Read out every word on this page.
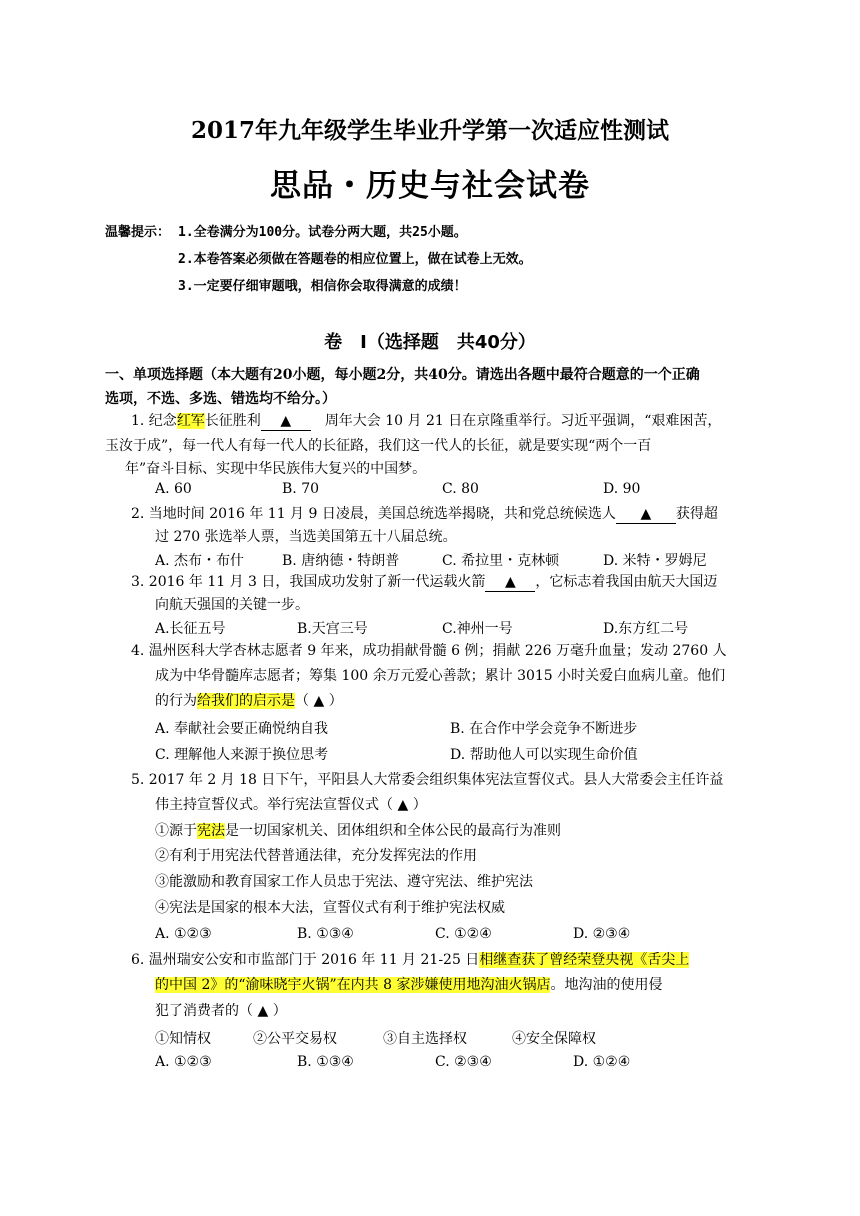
2017年九年级学生毕业升学第一次适应性测试
思品・历史与社会试卷
温馨提示： 1.全卷满分为100分。试卷分两大题，共25小题。
2.本卷答案必须做在答题卷的相应位置上，做在试卷上无效。
3.一定要仔细审题哦，相信你会取得满意的成绩！
卷　Ⅰ（选择题　共40分）
一、单项选择题（本大题有20小题，每小题2分，共40分。请选出各题中最符合题意的一个正确
选项，不选、多选、错选均不给分。）
1. 纪念红军长征胜利 ▲　 周年大会 10 月 21 日在京隆重举行。习近平强调，“艰难困苦，
玉汝于成”，每一代人有每一代人的长征路，我们这一代人的长征，就是要实现“两个一百
年”奋斗目标、实现中华民族伟大复兴的中国梦。
A. 60	B. 70	C. 80	D. 90
2. 当地时间 2016 年 11 月 9 日凌晨，美国总统选举揭晓，共和党总统候选人 ▲ 获得超
过 270 张选举人票，当选美国第五十八届总统。
A. 杰布・布什	B. 唐纳德・特朗普	C. 希拉里・克林顿	D. 米特・罗姆尼
3. 2016 年 11 月 3 日，我国成功发射了新一代运载火箭 ▲ ，它标志着我国由航天大国迈
向航天强国的关键一步。
A.长征五号	B.天宫三号	C.神州一号	D.东方红二号
4. 温州医科大学杏林志愿者 9 年来，成功捐献骨髓 6 例；捐献 226 万毫升血量；发动 2760 人
成为中华骨髓库志愿者；筹集 100 余万元爱心善款；累计 3015 小时关爱白血病儿童。他们
的行为给我们的启示是（ ▲ ）
A. 奉献社会要正确悦纳自我	B. 在合作中学会竞争不断进步
C. 理解他人来源于换位思考	D. 帮助他人可以实现生命价值
5. 2017 年 2 月 18 日下午，平阳县人大常委会组织集体宪法宣誓仪式。县人大常委会主任许益
伟主持宣誓仪式。举行宪法宣誓仪式（ ▲ ）
①源于宪法是一切国家机关、团体组织和全体公民的最高行为准则
②有利于用宪法代替普通法律，充分发挥宪法的作用
③能激励和教育国家工作人员忠于宪法、遵守宪法、维护宪法
④宪法是国家的根本大法，宣誓仪式有利于维护宪法权威
A. ①②③	B. ①③④	C. ①②④	D. ②③④
6. 温州瑞安公安和市监部门于 2016 年 11 月 21-25 日相继查获了曾经荣登央视《舌尖上
的中国 2》的“渝味晓宇火锅”在内共 8 家涉嫌使用地沟油火锅店。地沟油的使用侵
犯了消费者的（ ▲ ）
①知情权	②公平交易权	③自主选择权	④安全保障权
A. ①②③	B. ①③④	C. ②③④	D. ①②④
